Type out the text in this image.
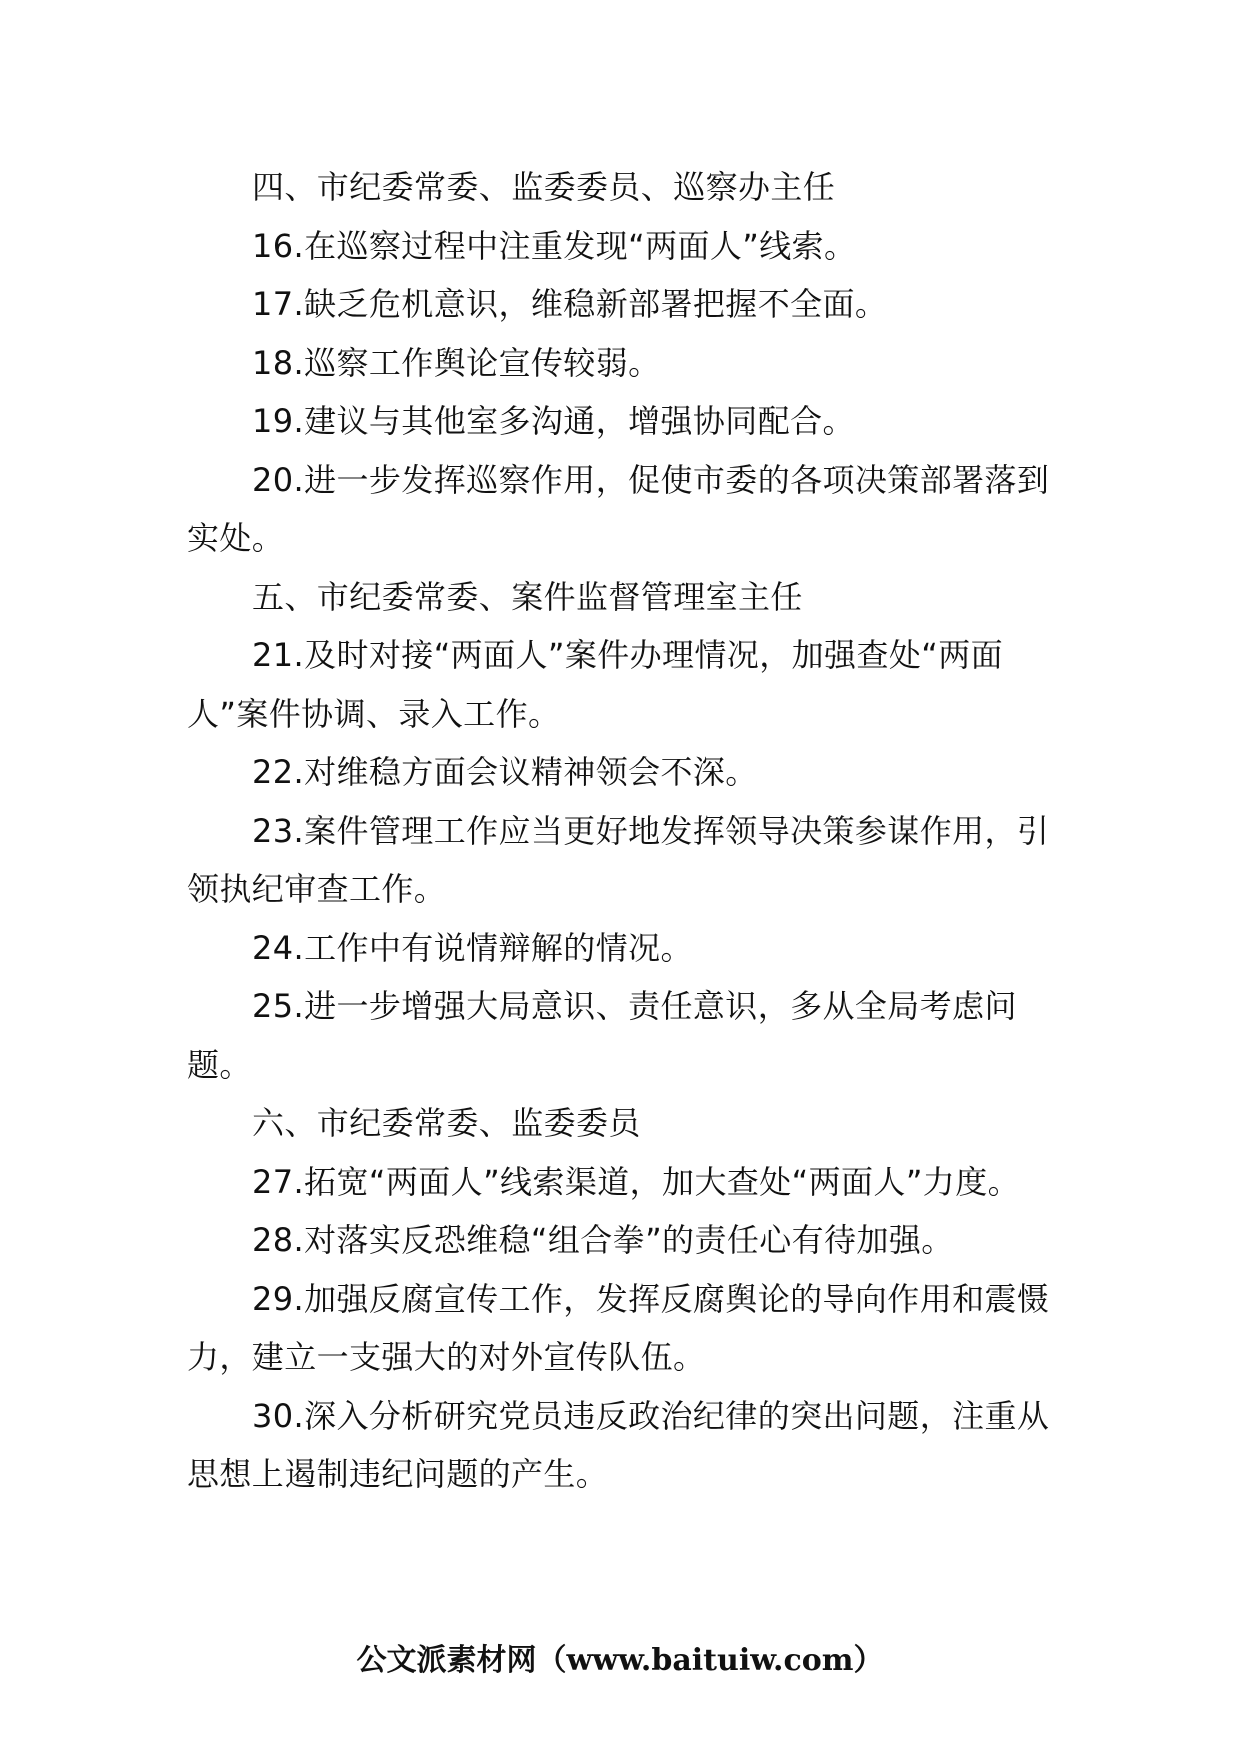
四、市纪委常委、监委委员、巡察办主任

16.在巡察过程中注重发现“两面人”线索。

17.缺乏危机意识，维稳新部署把握不全面。

18.巡察工作舆论宣传较弱。

19.建议与其他室多沟通，增强协同配合。

20.进一步发挥巡察作用，促使市委的各项决策部署落到实处。

五、市纪委常委、案件监督管理室主任

21.及时对接“两面人”案件办理情况，加强查处“两面人”案件协调、录入工作。

22.对维稳方面会议精神领会不深。

23.案件管理工作应当更好地发挥领导决策参谋作用，引领执纪审查工作。

24.工作中有说情辩解的情况。

25.进一步增强大局意识、责任意识，多从全局考虑问题。

六、市纪委常委、监委委员

27.拓宽“两面人”线索渠道，加大查处“两面人”力度。

28.对落实反恐维稳“组合拳”的责任心有待加强。

29.加强反腐宣传工作，发挥反腐舆论的导向作用和震慑力，建立一支强大的对外宣传队伍。

30.深入分析研究党员违反政治纪律的突出问题，注重从思想上遏制违纪问题的产生。

公文派素材网（www.baituiw.com）
